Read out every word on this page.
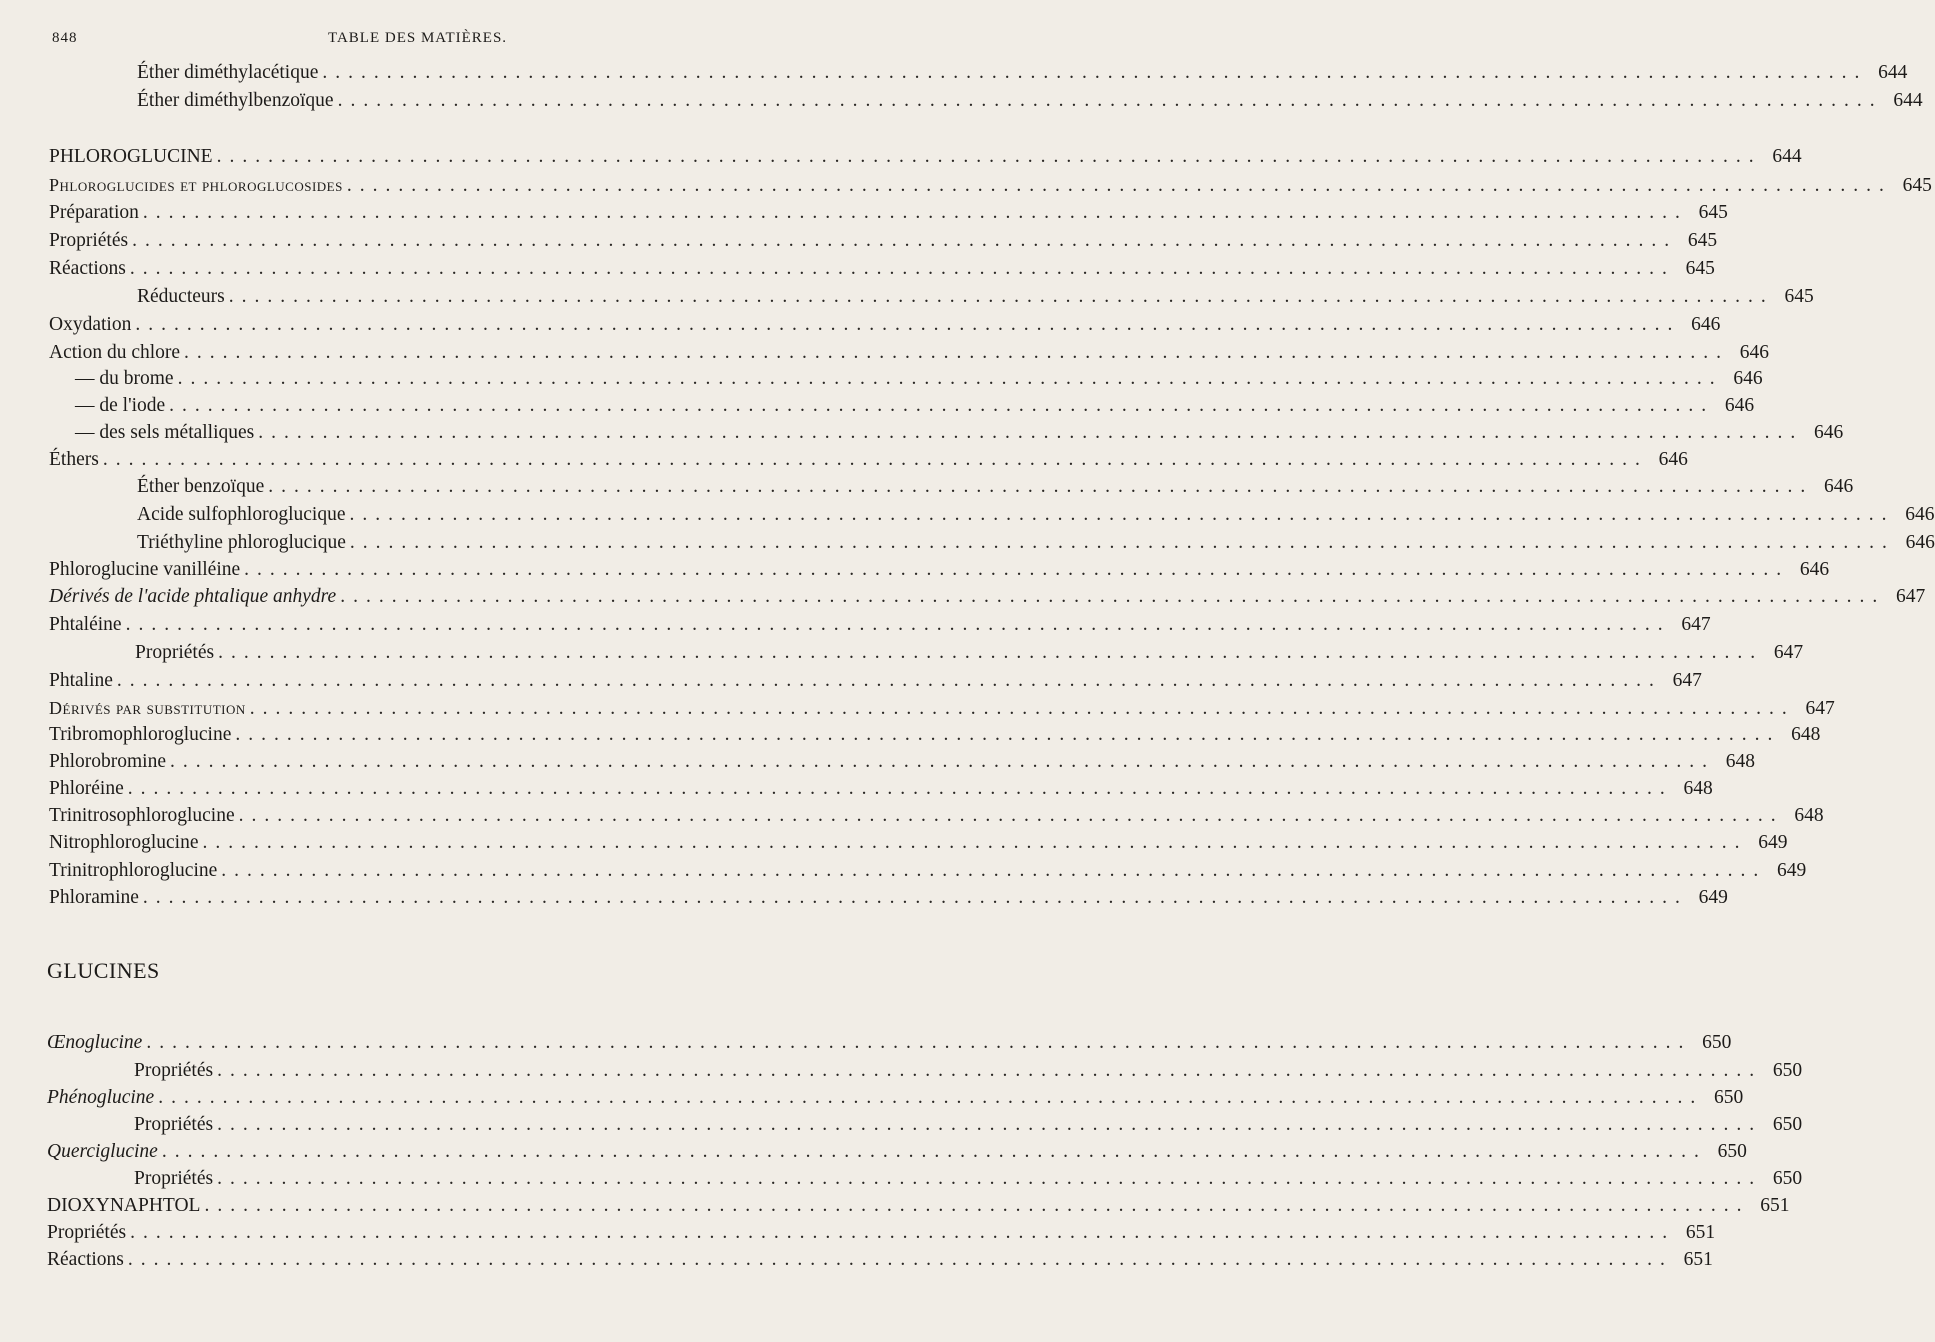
848	TABLE DES MATIÈRES.
Éther diméthylacétique ........................................................................................................................ 644
Éther diméthylbenzoïque ........................................................................................................................ 644
PHLOROGLUCINE ........................................................................................................................ 644
Phloroglucides et phloroglucosides ........................................................................................................................ 645
Préparation ........................................................................................................................ 645
Propriétés ........................................................................................................................ 645
Réactions ........................................................................................................................ 645
Réducteurs ........................................................................................................................ 645
Oxydation ........................................................................................................................ 646
Action du chlore ........................................................................................................................ 646
— du brome ........................................................................................................................ 646
— de l'iode ........................................................................................................................ 646
— des sels métalliques ........................................................................................................................ 646
Éthers ........................................................................................................................ 646
Éther benzoïque ........................................................................................................................ 646
Acide sulfophloroglucique ........................................................................................................................ 646
Triéthyline phloroglucique ........................................................................................................................ 646
Phloroglucine vanilléine ........................................................................................................................ 646
Dérivés de l'acide phtalique anhydre ........................................................................................................................ 647
Phtaléine ........................................................................................................................ 647
Propriétés ........................................................................................................................ 647
Phtaline ........................................................................................................................ 647
Dérivés par substitution ........................................................................................................................ 647
Tribromophloroglucine ........................................................................................................................ 648
Phlorobromine ........................................................................................................................ 648
Phloréine ........................................................................................................................ 648
Trinitrosophloroglucine ........................................................................................................................ 648
Nitrophloroglucine ........................................................................................................................ 649
Trinitrophloroglucine ........................................................................................................................ 649
Phloramine ........................................................................................................................ 649
GLUCINES
Œnoglucine ........................................................................................................................ 650
Propriétés ........................................................................................................................ 650
Phénoglucine ........................................................................................................................ 650
Propriétés ........................................................................................................................ 650
Querciglucine ........................................................................................................................ 650
Propriétés ........................................................................................................................ 650
DIOXYNAPHTOL ........................................................................................................................ 651
Propriétés ........................................................................................................................ 651
Réactions ........................................................................................................................ 651
